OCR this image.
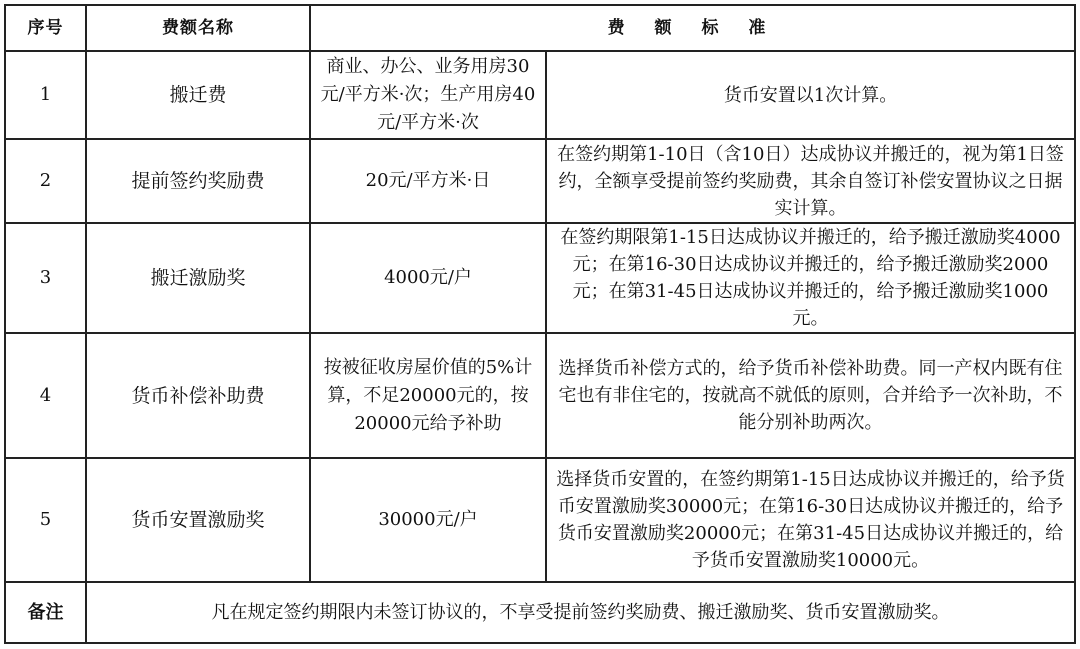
序号	费额名称	费 额 标 准	
1	搬迁费	商业、办公、业务用房30元/平方米·次；生产用房40元/平方米·次	货币安置以1次计算。
2	提前签约奖励费	20元/平方米·日	在签约期第1-10日（含10日）达成协议并搬迁的，视为第1日签约，全额享受提前签约奖励费，其余自签订补偿安置协议之日据实计算。
3	搬迁激励奖	4000元/户	在签约期限第1-15日达成协议并搬迁的，给予搬迁激励奖4000元；在第16-30日达成协议并搬迁的，给予搬迁激励奖2000元；在第31-45日达成协议并搬迁的，给予搬迁激励奖1000元。
4	货币补偿补助费	按被征收房屋价值的5%计算，不足20000元的，按20000元给予补助	选择货币补偿方式的，给予货币补偿补助费。同一产权内既有住宅也有非住宅的，按就高不就低的原则，合并给予一次补助，不能分别补助两次。
5	货币安置激励奖	30000元/户	选择货币安置的，在签约期第1-15日达成协议并搬迁的，给予货币安置激励奖30000元；在第16-30日达成协议并搬迁的，给予货币安置激励奖20000元；在第31-45日达成协议并搬迁的，给予货币安置激励奖10000元。
备注	凡在规定签约期限内未签订协议的，不享受提前签约奖励费、搬迁激励奖、货币安置激励奖。		
